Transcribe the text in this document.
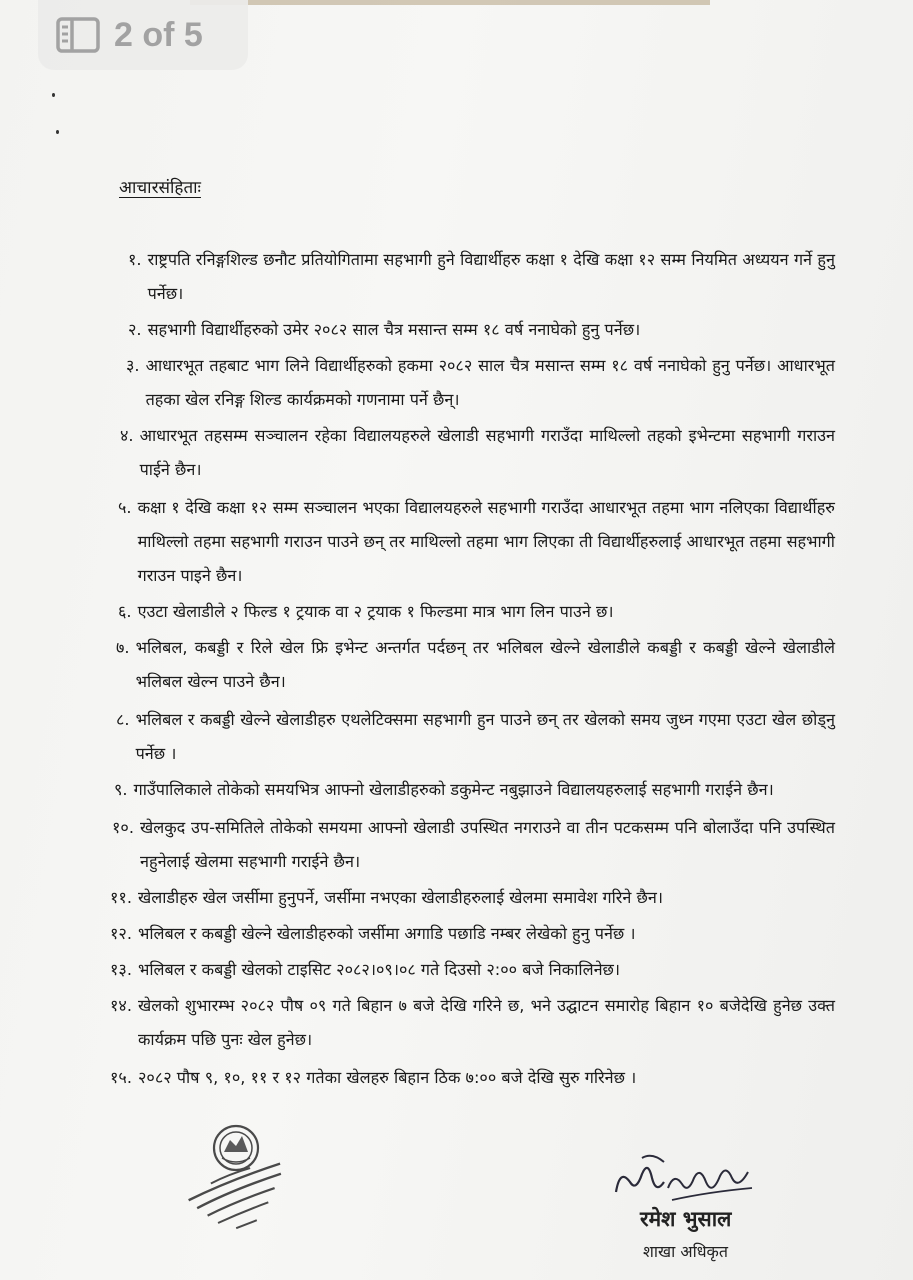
2 of 5
आचारसंहिताः
१. राष्ट्रपति रनिङ्गशिल्ड छनौट प्रतियोगितामा सहभागी हुने विद्यार्थीहरु कक्षा १ देखि कक्षा १२ सम्म नियमित अध्ययन गर्ने हुनु पर्नेछ।
२. सहभागी विद्यार्थीहरुको उमेर २०८२ साल चैत्र मसान्त सम्म १८ वर्ष ननाघेको हुनु पर्नेछ।
३. आधारभूत तहबाट भाग लिने विद्यार्थीहरुको हकमा २०८२ साल चैत्र मसान्त सम्म १८ वर्ष ननाघेको हुनु पर्नेछ। आधारभूत तहका खेल रनिङ्ग शिल्ड कार्यक्रमको गणनामा पर्ने छैन्।
४. आधारभूत तहसम्म सञ्चालन रहेका विद्यालयहरुले खेलाडी सहभागी गराउँदा माथिल्लो तहको इभेन्टमा सहभागी गराउन पाईने छैन।
५. कक्षा १ देखि कक्षा १२ सम्म सञ्चालन भएका विद्यालयहरुले सहभागी गराउँदा आधारभूत तहमा भाग नलिएका विद्यार्थीहरु माथिल्लो तहमा सहभागी गराउन पाउने छन् तर माथिल्लो तहमा भाग लिएका ती विद्यार्थीहरुलाई आधारभूत तहमा सहभागी गराउन पाइने छैन।
६. एउटा खेलाडीले २ फिल्ड १ ट्रयाक वा २ ट्रयाक १ फिल्डमा मात्र भाग लिन पाउने छ।
७. भलिबल, कबड्डी र रिले खेल फ्रि इभेन्ट अन्तर्गत पर्दछन् तर भलिबल खेल्ने खेलाडीले कबड्डी र कबड्डी खेल्ने खेलाडीले भलिबल खेल्न पाउने छैन।
८. भलिबल र कबड्डी खेल्ने खेलाडीहरु एथलेटिक्समा सहभागी हुन पाउने छन् तर खेलको समय जुध्न गएमा एउटा खेल छोड्नु पर्नेछ ।
९. गाउँपालिकाले तोकेको समयभित्र आफ्नो खेलाडीहरुको डकुमेन्ट नबुझाउने विद्यालयहरुलाई सहभागी गराईने छैन।
१०. खेलकुद उप-समितिले तोकेको समयमा आफ्नो खेलाडी उपस्थित नगराउने वा तीन पटकसम्म पनि बोलाउँदा पनि उपस्थित नहुनेलाई खेलमा सहभागी गराईने छैन।
११. खेलाडीहरु खेल जर्सीमा हुनुपर्ने, जर्सीमा नभएका खेलाडीहरुलाई खेलमा समावेश गरिने छैन।
१२. भलिबल र कबड्डी खेल्ने खेलाडीहरुको जर्सीमा अगाडि पछाडि नम्बर लेखेको हुनु पर्नेछ ।
१३. भलिबल र कबड्डी खेलको टाइसिट २०८२।०९।०८ गते दिउसो २:०० बजे निकालिनेछ।
१४. खेलको शुभारम्भ २०८२ पौष ०९ गते बिहान ७ बजे देखि गरिने छ, भने उद्घाटन समारोह बिहान १० बजेदेखि हुनेछ उक्त कार्यक्रम पछि पुनः खेल हुनेछ।
१५. २०८२ पौष ९, १०, ११ र १२ गतेका खेलहरु बिहान ठिक ७:०० बजे देखि सुरु गरिनेछ ।
रमेश भुसाल
शाखा अधिकृत
